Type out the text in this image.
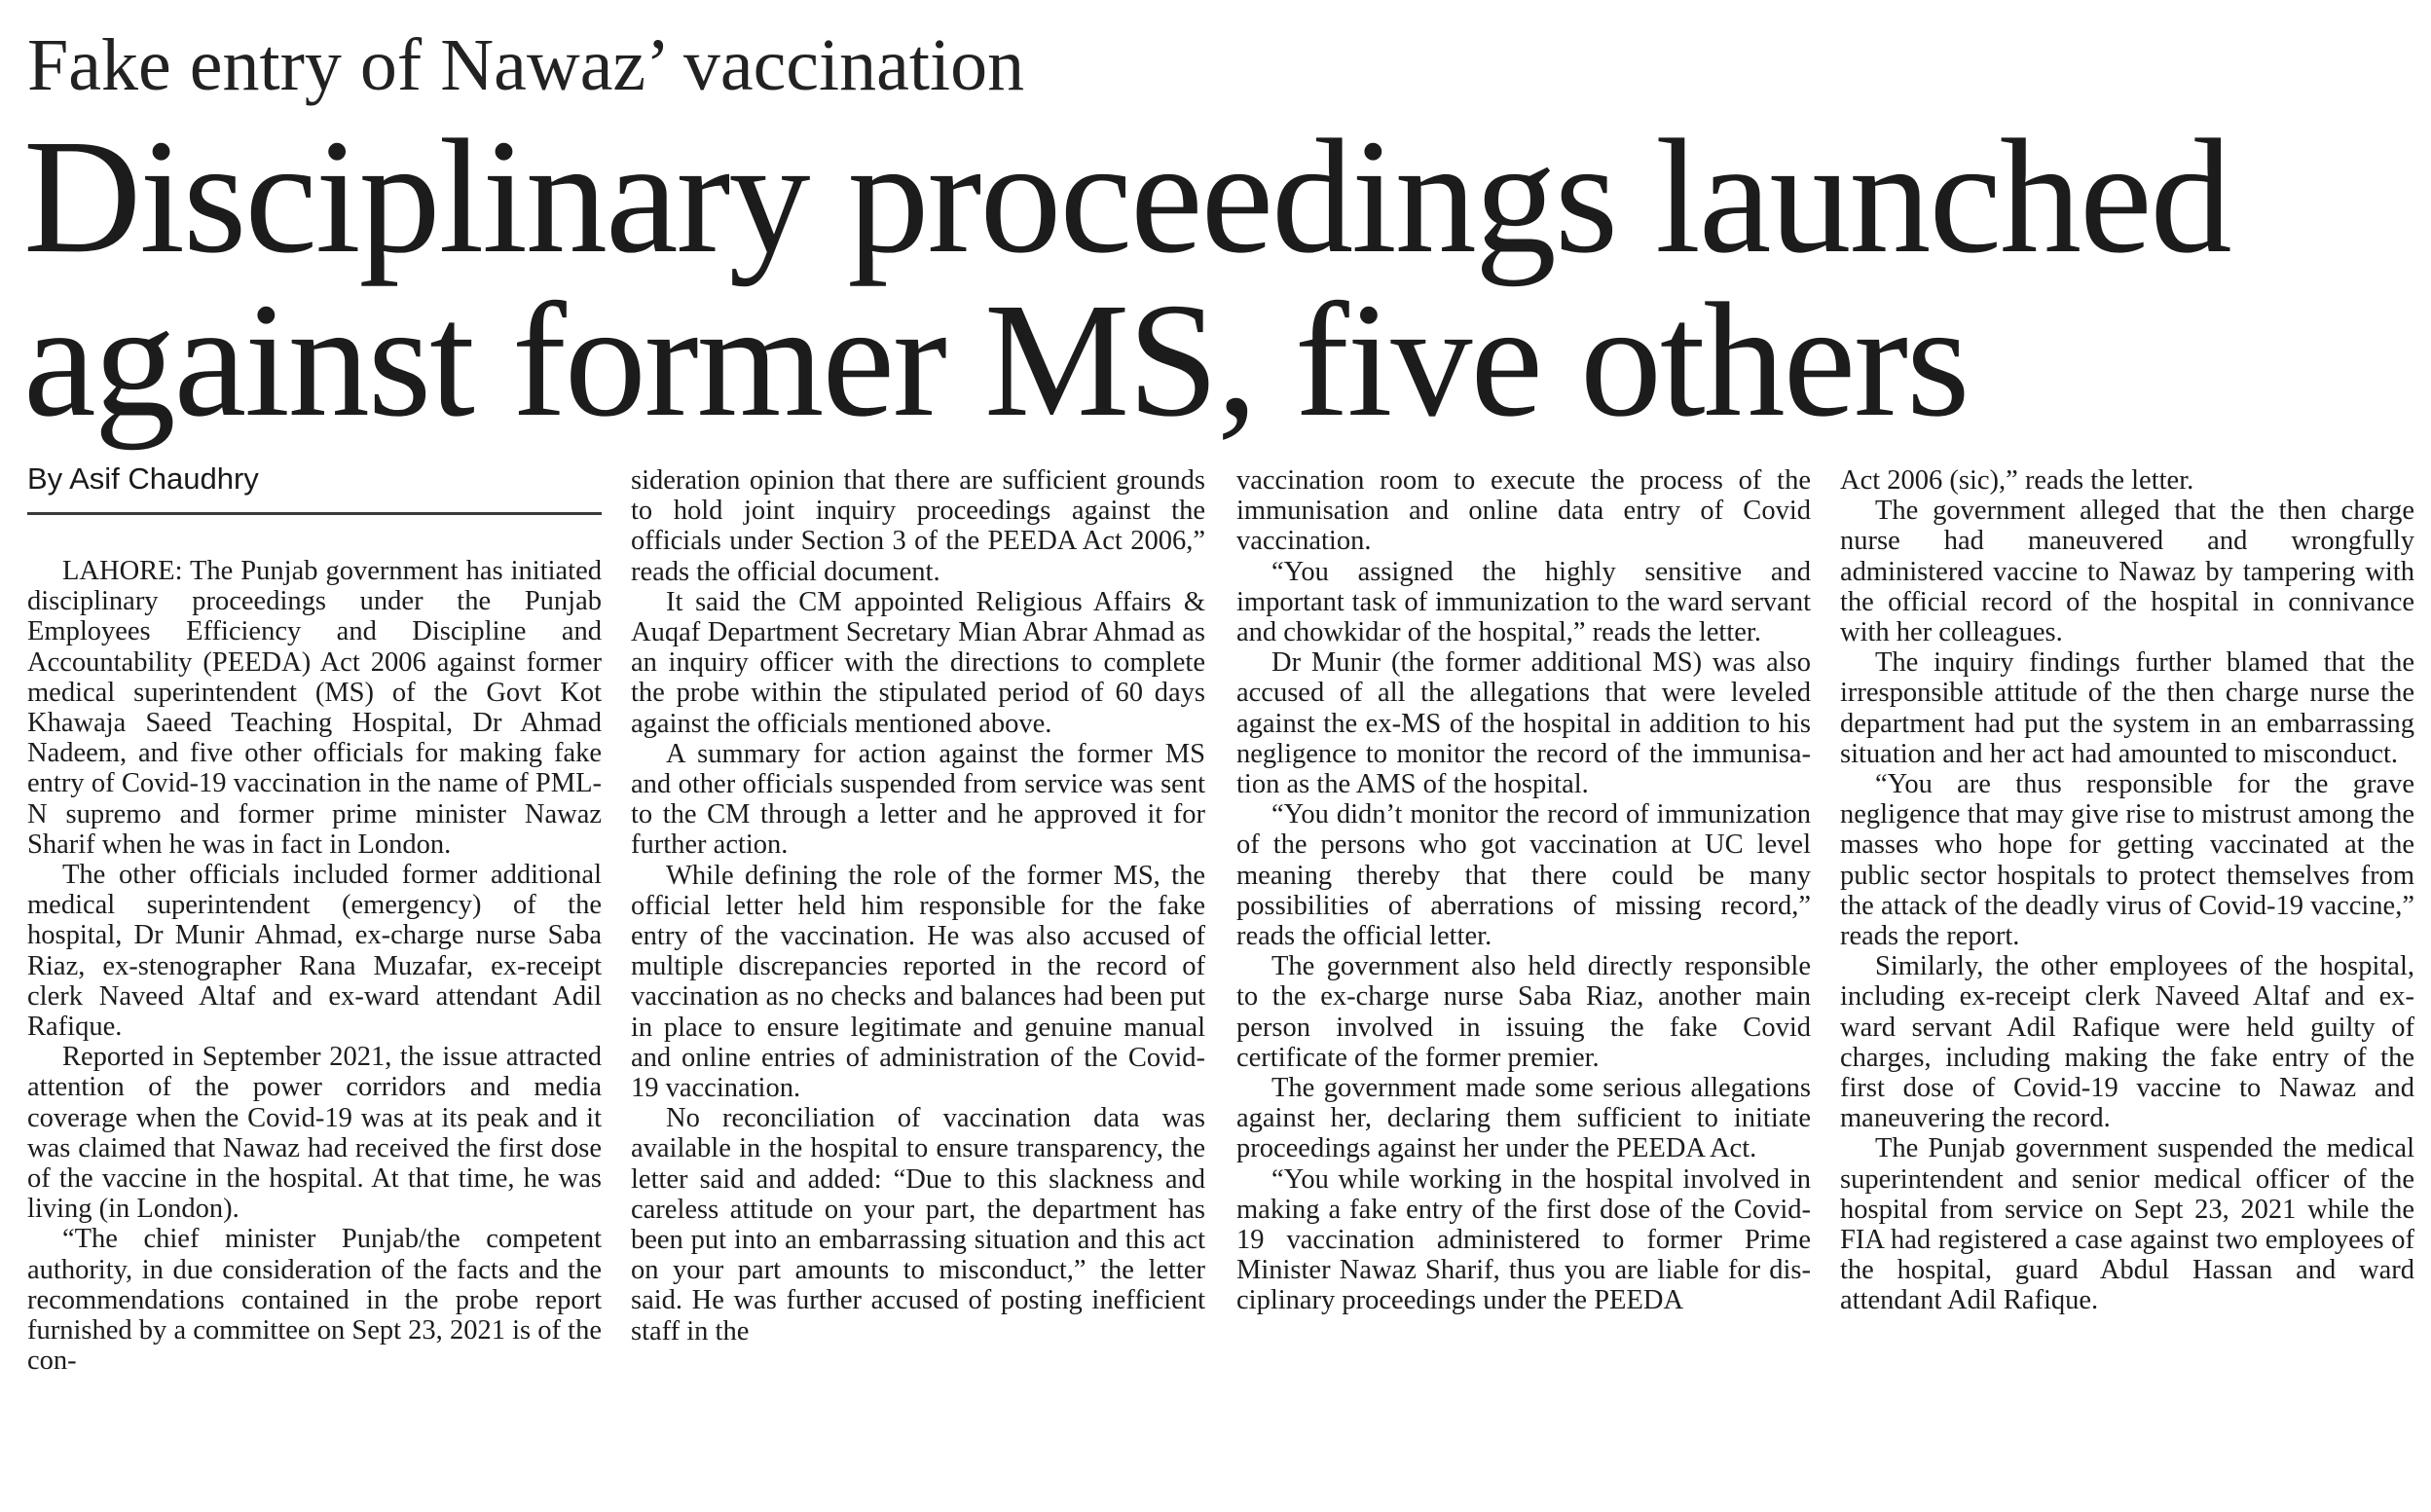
Fake entry of Nawaz’ vaccination
Disciplinary proceedings launched
against former MS, five others
By Asif Chaudhry

LAHORE: The Punjab government has initiated disciplinary proceedings under the Punjab Employees Efficiency and Discipline and Accountability (PEEDA) Act 2006 against former medical superintendent (MS) of the Govt Kot Khawaja Saeed Teaching Hospital, Dr Ahmad Nadeem, and five other officials for making fake entry of Covid-19 vaccination in the name of PML-N supremo and former prime minister Nawaz Sharif when he was in fact in London.

The other officials included former additional medical superintendent (emergency) of the hospital, Dr Munir Ahmad, ex-charge nurse Saba Riaz, ex-stenographer Rana Muzafar, ex-receipt clerk Naveed Altaf and ex-ward attendant Adil Rafique.

Reported in September 2021, the issue attracted attention of the power corridors and media coverage when the Covid-19 was at its peak and it was claimed that Nawaz had received the first dose of the vaccine in the hospital. At that time, he was living (in London).

“The chief minister Punjab/the competent authority, in due consideration of the facts and the recommendations contained in the probe report furnished by a committee on Sept 23, 2021 is of the con-

sideration opinion that there are sufficient grounds to hold joint inquiry proceedings against the officials under Section 3 of the PEEDA Act 2006,” reads the official document.

It said the CM appointed Religious Affairs & Auqaf Department Secretary Mian Abrar Ahmad as an inquiry officer with the directions to complete the probe within the stipulated period of 60 days against the officials mentioned above.

A summary for action against the former MS and other officials suspended from service was sent to the CM through a letter and he approved it for further action.

While defining the role of the former MS, the official letter held him responsible for the fake entry of the vaccination. He was also accused of multiple discrepancies reported in the record of vaccination as no checks and balances had been put in place to ensure legitimate and genuine manual and online entries of administration of the Covid-19 vaccination.

No reconciliation of vaccination data was available in the hospital to ensure transparency, the letter said and added: “Due to this slackness and careless attitude on your part, the department has been put into an embarrassing situation and this act on your part amounts to misconduct,” the letter said. He was further accused of posting inefficient staff in the

vaccination room to execute the process of the immunisation and online data entry of Covid vaccination.

“You assigned the highly sensitive and important task of immunization to the ward servant and chowkidar of the hospital,” reads the letter.

Dr Munir (the former additional MS) was also accused of all the allegations that were leveled against the ex-MS of the hospital in addition to his negligence to monitor the record of the immunisation as the AMS of the hospital.

“You didn’t monitor the record of immunization of the persons who got vaccination at UC level meaning thereby that there could be many possibilities of aberrations of missing record,” reads the official letter.

The government also held directly responsible to the ex-charge nurse Saba Riaz, another main person involved in issuing the fake Covid certificate of the former premier.

The government made some serious allegations against her, declaring them sufficient to initiate proceedings against her under the PEEDA Act.

“You while working in the hospital involved in making a fake entry of the first dose of the Covid-19 vaccination administered to former Prime Minister Nawaz Sharif, thus you are liable for disciplinary proceedings under the PEEDA

Act 2006 (sic),” reads the letter.

The government alleged that the then charge nurse had maneuvered and wrongfully administered vaccine to Nawaz by tampering with the official record of the hospital in connivance with her colleagues.

The inquiry findings further blamed that the irresponsible attitude of the then charge nurse the department had put the system in an embarrassing situation and her act had amounted to misconduct.

“You are thus responsible for the grave negligence that may give rise to mistrust among the masses who hope for getting vaccinated at the public sector hospitals to protect themselves from the attack of the deadly virus of Covid-19 vaccine,” reads the report.

Similarly, the other employees of the hospital, including ex-receipt clerk Naveed Altaf and ex-ward servant Adil Rafique were held guilty of charges, including making the fake entry of the first dose of Covid-19 vaccine to Nawaz and maneuvering the record.

The Punjab government suspended the medical superintendent and senior medical officer of the hospital from service on Sept 23, 2021 while the FIA had registered a case against two employees of the hospital, guard Abdul Hassan and ward attendant Adil Rafique.
